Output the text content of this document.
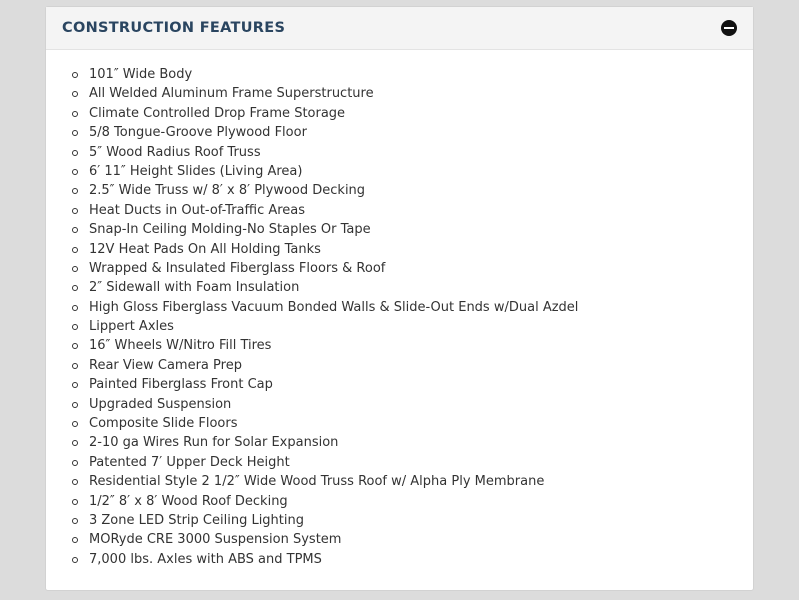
CONSTRUCTION FEATURES
101″ Wide Body
All Welded Aluminum Frame Superstructure
Climate Controlled Drop Frame Storage
5/8 Tongue-Groove Plywood Floor
5″ Wood Radius Roof Truss
6′ 11″ Height Slides (Living Area)
2.5″ Wide Truss w/ 8′ x 8′ Plywood Decking
Heat Ducts in Out-of-Traffic Areas
Snap-In Ceiling Molding-No Staples Or Tape
12V Heat Pads On All Holding Tanks
Wrapped & Insulated Fiberglass Floors & Roof
2″ Sidewall with Foam Insulation
High Gloss Fiberglass Vacuum Bonded Walls & Slide-Out Ends w/Dual Azdel
Lippert Axles
16″ Wheels W/Nitro Fill Tires
Rear View Camera Prep
Painted Fiberglass Front Cap
Upgraded Suspension
Composite Slide Floors
2-10 ga Wires Run for Solar Expansion
Patented 7′ Upper Deck Height
Residential Style 2 1/2″ Wide Wood Truss Roof w/ Alpha Ply Membrane
1/2″ 8′ x 8′ Wood Roof Decking
3 Zone LED Strip Ceiling Lighting
MORyde CRE 3000 Suspension System
7,000 lbs. Axles with ABS and TPMS
